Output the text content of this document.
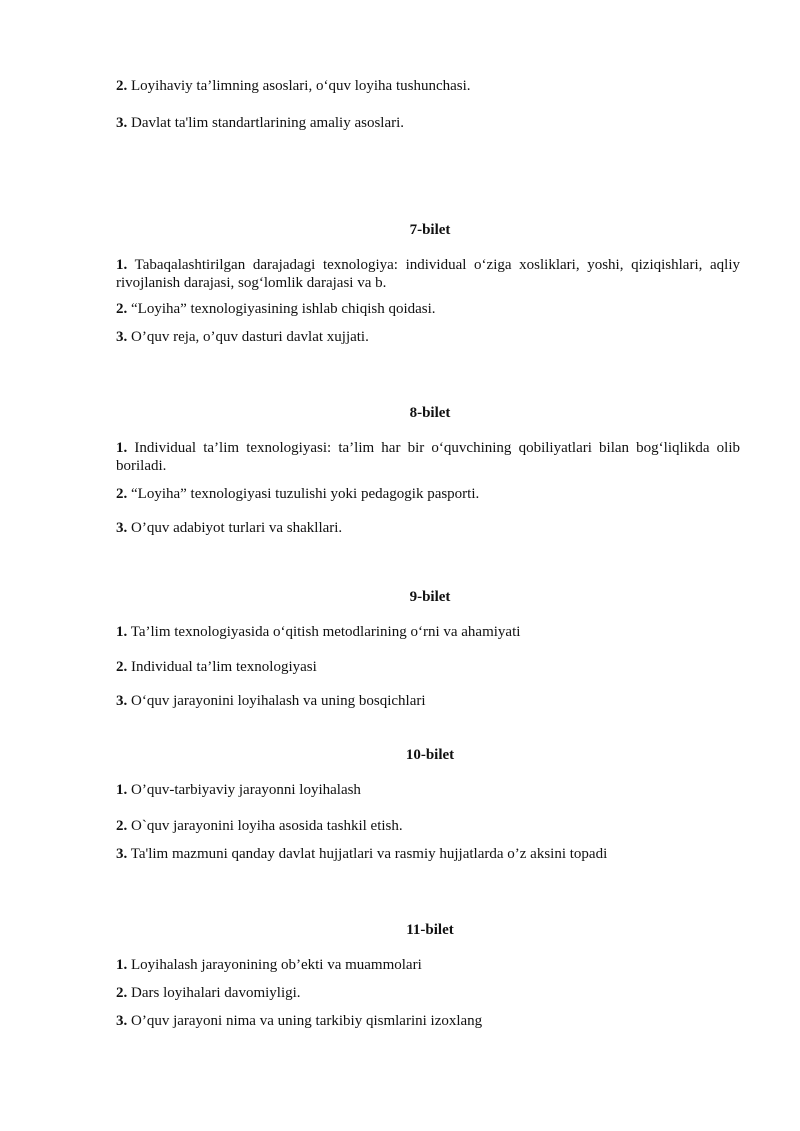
2. Loyihaviy ta’limning asoslari, o‘quv loyiha tushunchasi.

3. Davlat ta'lim standartlarining amaliy asoslari.

7-bilet

1. Tabaqalashtirilgan darajadagi texnologiya: individual o‘ziga xosliklari, yoshi, qiziqishlari, aqliy rivojlanish darajasi, sog‘lomlik darajasi va b.

2. “Loyiha” texnologiyasining ishlab chiqish qoidasi.

3. O’quv reja, o’quv dasturi davlat xujjati.

8-bilet

1. Individual ta’lim texnologiyasi: ta’lim har bir o‘quvchining qobiliyatlari bilan bog‘liqlikda olib boriladi.

2. “Loyiha” texnologiyasi tuzulishi yoki pedagogik pasporti.

3. O’quv adabiyot turlari va shakllari.

9-bilet

1. Ta’lim texnologiyasida o‘qitish metodlarining o‘rni va ahamiyati

2. Individual ta’lim texnologiyasi

3. O‘quv jarayonini loyihalash va uning bosqichlari

10-bilet

1. O’quv-tarbiyaviy jarayonni loyihalash

2. O`quv jarayonini loyiha asosida tashkil etish.

3. Ta'lim mazmuni qanday davlat hujjatlari va rasmiy hujjatlarda o’z aksini topadi

11-bilet

1. Loyihalash jarayonining ob’ekti va muammolari

2. Dars loyihalari davomiyligi.

3. O’quv jarayoni nima va uning tarkibiy qismlarini izoxlang
